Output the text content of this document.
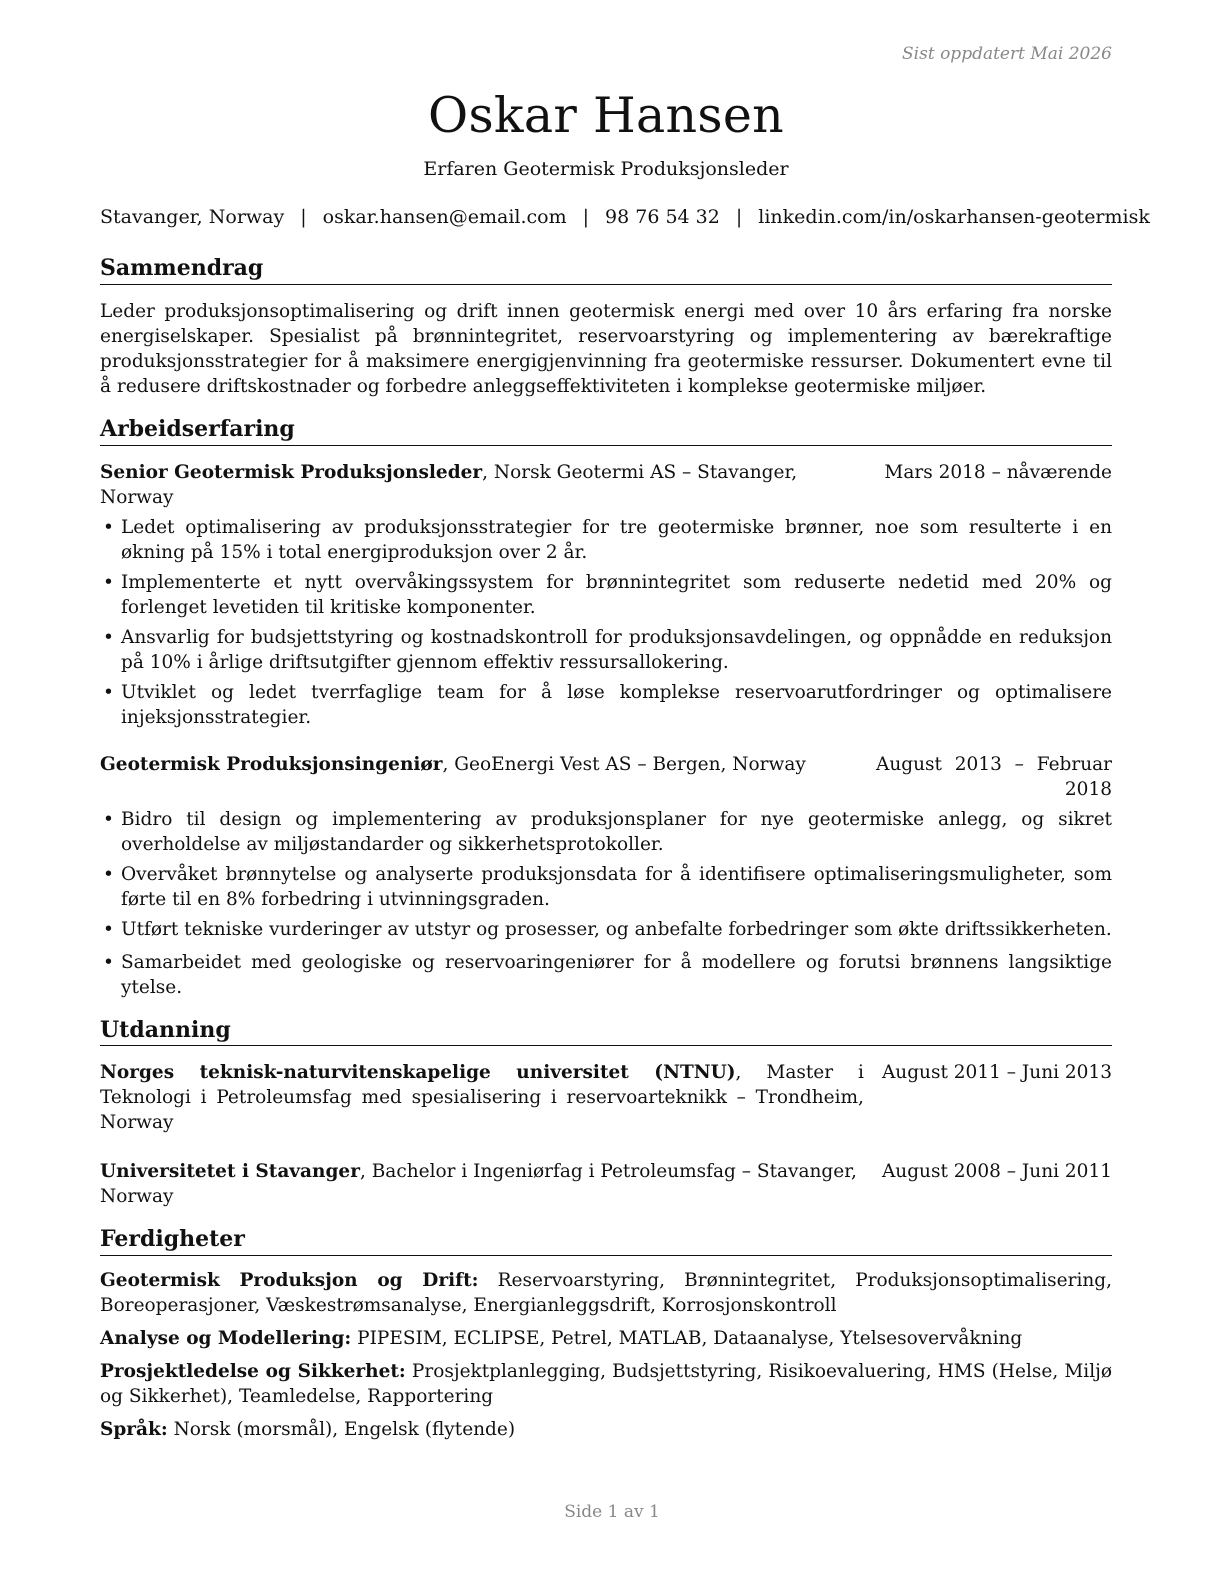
Sist oppdatert Mai 2026
Oskar Hansen
Erfaren Geotermisk Produksjonsleder
Stavanger, Norway | oskar.hansen@email.com | 98 76 54 32 | linkedin.com/in/oskarhansen-geotermisk
Sammendrag
Leder produksjonsoptimalisering og drift innen geotermisk energi med over 10 års erfaring fra norske energiselskaper. Spesialist på brønnintegritet, reservoarstyring og implementering av bærekraftige produksjonsstrategier for å maksimere energigjenvinning fra geotermiske ressurser. Dokumentert evne til å redusere driftskostnader og forbedre anleggseffektiviteten i komplekse geotermiske miljøer.
Arbeidserfaring
Senior Geotermisk Produksjonsleder, Norsk Geotermi AS – Stavanger, Norway
Mars 2018 – nåværende
• Ledet optimalisering av produksjonsstrategier for tre geotermiske brønner, noe som resulterte i en økning på 15% i total energiproduksjon over 2 år.
• Implementerte et nytt overvåkingssystem for brønnintegritet som reduserte nedetid med 20% og forlenget levetiden til kritiske komponenter.
• Ansvarlig for budsjettstyring og kostnadskontroll for produksjonsavdelingen, og oppnådde en reduksjon på 10% i årlige driftsutgifter gjennom effektiv ressursallokering.
• Utviklet og ledet tverrfaglige team for å løse komplekse reservoarutfordringer og optimalisere injeksjonsstrategier.
Geotermisk Produksjonsingeniør, GeoEnergi Vest AS – Bergen, Norway	August 2013 – Februar 2018
• Bidro til design og implementering av produksjonsplaner for nye geotermiske anlegg, og sikret overholdelse av miljøstandarder og sikkerhetsprotokoller.
• Overvåket brønnytelse og analyserte produksjonsdata for å identifisere optimaliseringsmuligheter, som førte til en 8% forbedring i utvinningsgraden.
• Utført tekniske vurderinger av utstyr og prosesser, og anbefalte forbedringer som økte driftssikkerheten.
• Samarbeidet med geologiske og reservoaringeniører for å modellere og forutsi brønnens langsiktige ytelse.
Utdanning
Norges teknisk-naturvitenskapelige universitet (NTNU), Master i Teknologi i Petroleumsfag med spesialisering i reservoarteknikk – Trondheim, Norway
August 2011 – Juni 2013
Universitetet i Stavanger, Bachelor i Ingeniørfag i Petroleumsfag – Stavanger, Norway
August 2008 – Juni 2011
Ferdigheter
Geotermisk Produksjon og Drift: Reservoarstyring, Brønnintegritet, Produksjonsoptimalisering, Boreoperasjoner, Væskestrømsanalyse, Energianleggsdrift, Korrosjonskontroll
Analyse og Modellering: PIPESIM, ECLIPSE, Petrel, MATLAB, Dataanalyse, Ytelsesovervåkning
Prosjektledelse og Sikkerhet: Prosjektplanlegging, Budsjettstyring, Risikoevaluering, HMS (Helse, Miljø og Sikkerhet), Teamledelse, Rapportering
Språk: Norsk (morsmål), Engelsk (flytende)
Side 1 av 1
